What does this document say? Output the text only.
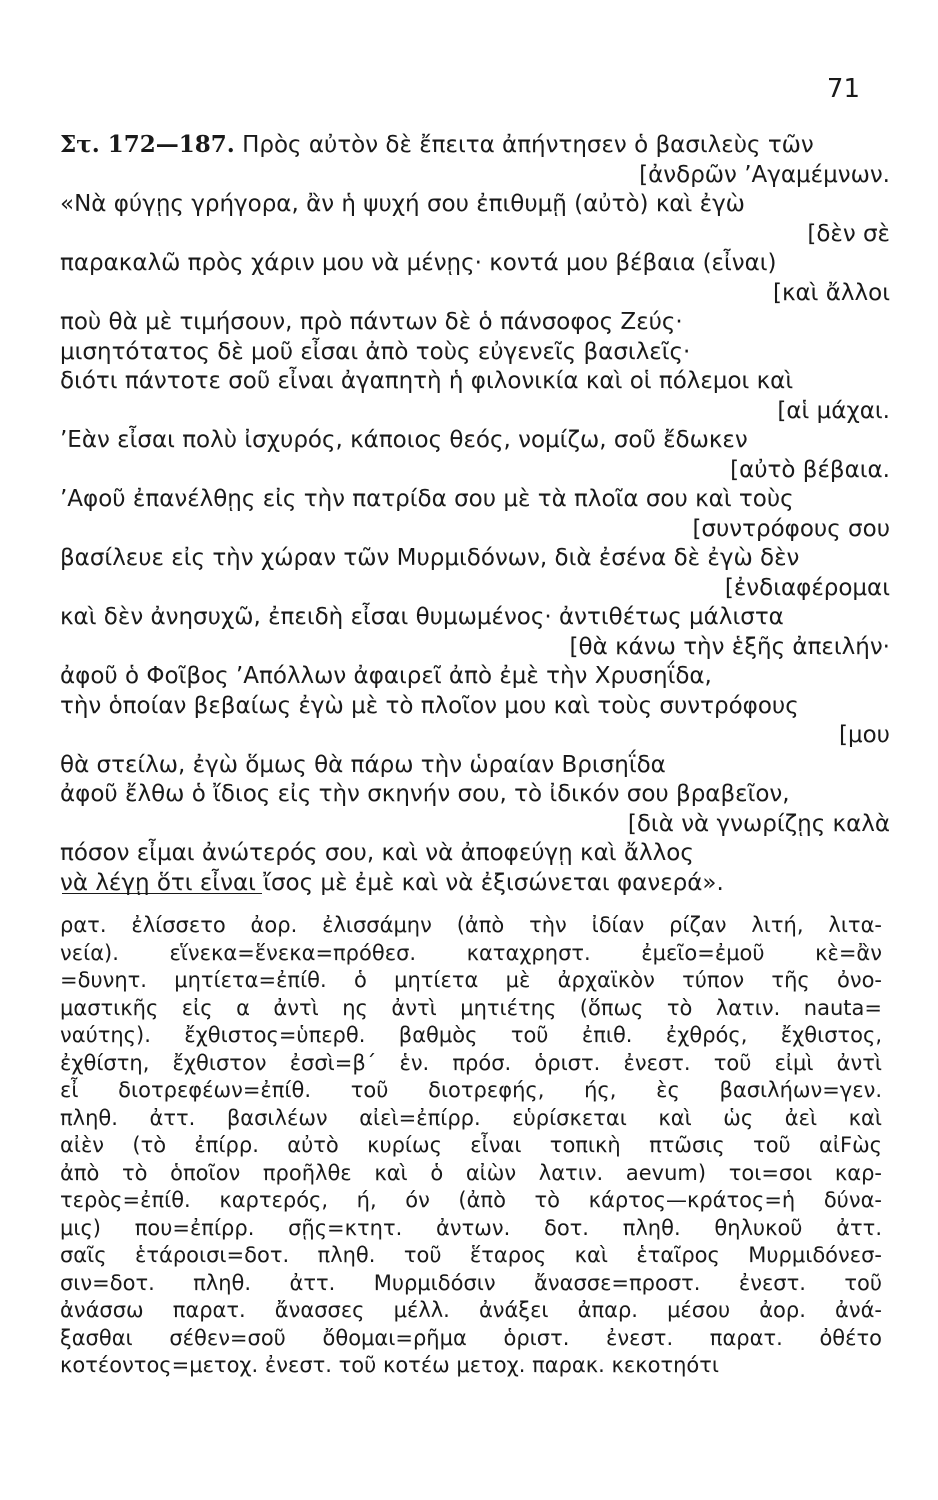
71
Στ. 172—187. Πρὸς αὐτὸν δὲ ἔπειτα ἀπήντησεν ὁ βασιλεὺς τῶν
[ἀνδρῶν ’Αγαμέμνων.
«Νὰ φύγῃς γρήγορα, ἂν ἡ ψυχή σου ἐπιθυμῇ (αὐτὸ) καὶ ἐγὼ
[δὲν σὲ
παρακαλῶ πρὸς χάριν μου νὰ μένῃς· κοντά μου βέβαια (εἶναι)
[καὶ ἄλλοι
ποὺ θὰ μὲ τιμήσουν, πρὸ πάντων δὲ ὁ πάνσοφος Ζεύς·
μισητότατος δὲ μοῦ εἶσαι ἀπὸ τοὺς εὐγενεῖς βασιλεῖς·
διότι πάντοτε σοῦ εἶναι ἀγαπητὴ ἡ φιλονικία καὶ οἱ πόλεμοι καὶ
[αἱ μάχαι.
’Εὰν εἶσαι πολὺ ἰσχυρός, κάποιος θεός, νομίζω, σοῦ ἔδωκεν
[αὐτὸ βέβαια.
’Αφοῦ ἐπανέλθῃς εἰς τὴν πατρίδα σου μὲ τὰ πλοῖα σου καὶ τοὺς
[συντρόφους σου
βασίλευε εἰς τὴν χώραν τῶν Μυρμιδόνων, διὰ ἐσένα δὲ ἐγὼ δὲν
[ἐνδιαφέρομαι
καὶ δὲν ἀνησυχῶ, ἐπειδὴ εἶσαι θυμωμένος· ἀντιθέτως μάλιστα
[θὰ κάνω τὴν ἑξῆς ἀπειλήν·
ἀφοῦ ὁ Φοῖβος ’Απόλλων ἀφαιρεῖ ἀπὸ ἐμὲ τὴν Χρυσηΐδα,
τὴν ὁποίαν βεβαίως ἐγὼ μὲ τὸ πλοῖον μου καὶ τοὺς συντρόφους
[μου
θὰ στείλω, ἐγὼ ὅμως θὰ πάρω τὴν ὡραίαν Βρισηΐδα
ἀφοῦ ἔλθω ὁ ἴδιος εἰς τὴν σκηνήν σου, τὸ ἰδικόν σου βραβεῖον,
[διὰ νὰ γνωρίζῃς καλὰ
πόσον εἶμαι ἀνώτερός σου, καὶ νὰ ἀποφεύγῃ καὶ ἄλλος
νὰ λέγῃ ὅτι εἶναι ἴσος μὲ ἐμὲ καὶ νὰ ἐξισώνεται φανερά».
ρατ. ἐλίσσετο ἀορ. ἐλισσάμην (ἀπὸ τὴν ἰδίαν ρίζαν λιτή, λιτα-
νεία). εἵνεκα=ἕνεκα=πρόθεσ. καταχρηστ. ἐμεῖο=ἐμοῦ κὲ=ἂν
=δυνητ. μητίετα=ἐπίθ. ὁ μητίετα μὲ ἀρχαϊκὸν τύπον τῆς ὀνο-
μαστικῆς εἰς α ἀντὶ ης ἀντὶ μητιέτης (ὅπως τὸ λατιν. nauta=
ναύτης). ἔχθιστος=ὑπερθ. βαθμὸς τοῦ ἐπιθ. ἐχθρός, ἔχθιστος,
ἐχθίστη, ἔχθιστον ἐσσὶ=β΄ ἑν. πρόσ. ὁριστ. ἐνεστ. τοῦ εἰμὶ ἀντὶ
εἶ διοτρεφέων=ἐπίθ. τοῦ διοτρεφής, ής, ὲς βασιλήων=γεν.
πληθ. ἀττ. βασιλέων αἰεὶ=ἐπίρρ. εὑρίσκεται καὶ ὡς ἀεὶ καὶ
αἰὲν (τὸ ἐπίρρ. αὐτὸ κυρίως εἶναι τοπικὴ πτῶσις τοῦ αἰFὼς
ἀπὸ τὸ ὁποῖον προῆλθε καὶ ὁ αἰὼν λατιν. aevum) τοι=σοι καρ-
τερὸς=ἐπίθ. καρτερός, ή, όν (ἀπὸ τὸ κάρτος—κράτος=ἡ δύνα-
μις) που=ἐπίρρ. σῇς=κτητ. ἀντων. δοτ. πληθ. θηλυκοῦ ἀττ.
σαῖς ἑτάροισι=δοτ. πληθ. τοῦ ἕταρος καὶ ἑταῖρος Μυρμιδόνεσ-
σιν=δοτ. πληθ. ἀττ. Μυρμιδόσιν ἄνασσε=προστ. ἐνεστ. τοῦ
ἀνάσσω παρατ. ἄνασσες μέλλ. ἀνάξει ἀπαρ. μέσου ἀορ. ἀνά-
ξασθαι σέθεν=σοῦ ὄθομαι=ρῆμα ὁριστ. ἐνεστ. παρατ. ὀθέτο
κοτέοντος=μετοχ. ἐνεστ. τοῦ κοτέω μετοχ. παρακ. κεκοτηότι
